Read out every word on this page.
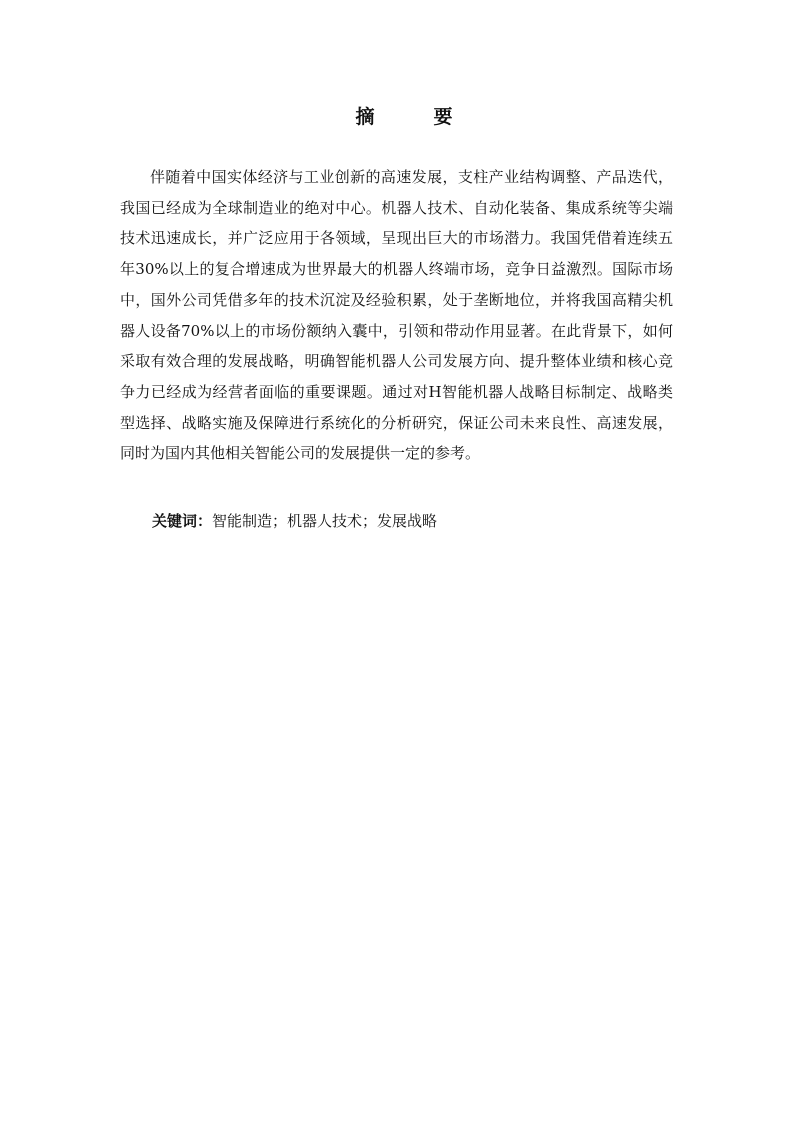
摘　要

伴随着中国实体经济与工业创新的高速发展，支柱产业结构调整、产品迭代，我国已经成为全球制造业的绝对中心。机器人技术、自动化装备、集成系统等尖端技术迅速成长，并广泛应用于各领域，呈现出巨大的市场潜力。我国凭借着连续五年30%以上的复合增速成为世界最大的机器人终端市场，竞争日益激烈。国际市场中，国外公司凭借多年的技术沉淀及经验积累，处于垄断地位，并将我国高精尖机器人设备70%以上的市场份额纳入囊中，引领和带动作用显著。在此背景下，如何采取有效合理的发展战略，明确智能机器人公司发展方向、提升整体业绩和核心竞争力已经成为经营者面临的重要课题。通过对H智能机器人战略目标制定、战略类型选择、战略实施及保障进行系统化的分析研究，保证公司未来良性、高速发展，同时为国内其他相关智能公司的发展提供一定的参考。

关键词：智能制造；机器人技术；发展战略
